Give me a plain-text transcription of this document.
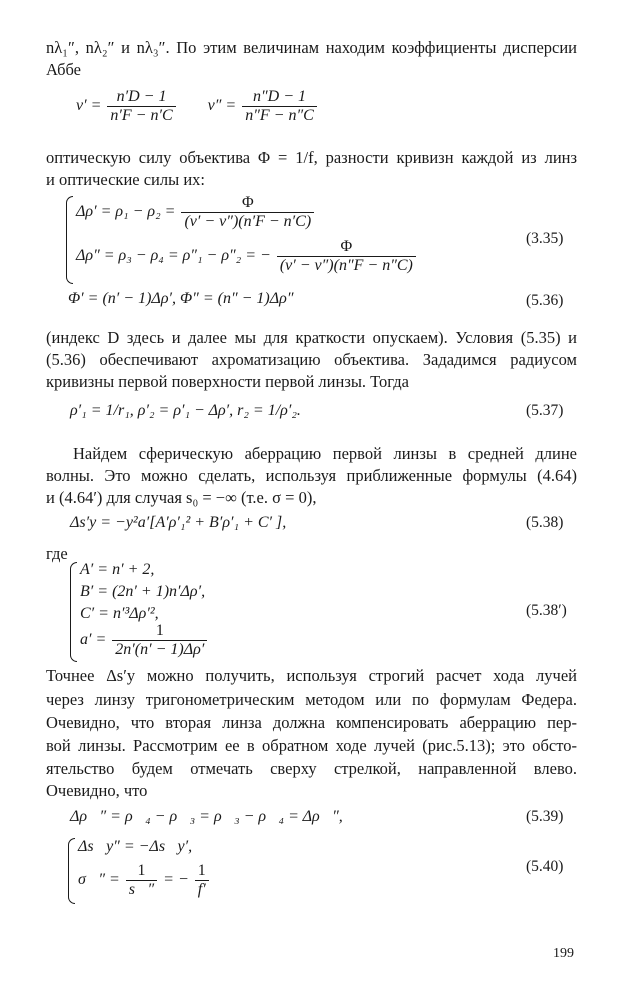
nλ₁″, nλ₂″ и nλ₃″. По этим величинам находим коэффициенты дисперсии
Аббе
$\nu' = \frac{n'D - 1}{n'F - n'C} \nu'' = \frac{n''D - 1}{n''F - n''C}$
оптическую силу объектива Φ = 1/f, разности кривизн каждой из линз
и оптические силы их:
$\Delta\rho' = \rho_1 - \rho_2 = \frac{\Phi}{(\nu' - \nu'')(n'F - n'C)}$
Δρ″ = ρ₃ − ρ₄ = ρ″₁ − ρ″₂ = − $\frac{\Phi}{(\nu' - \nu'')(n''F - n''C)}$	(3.35)
Φ′ = (n′ − 1)Δρ′, Φ″ = (n″ − 1)Δρ″	(5.36)
(индекс D здесь и далее мы для краткости опускаем). Условия (5.35) и
(5.36) обеспечивают ахроматизацию объектива. Зададимся радиусом
кривизны первой поверхности первой линзы. Тогда
ρ′₁ = 1/r₁, ρ′₂ = ρ′₁ − Δρ′, r₂ = 1/ρ′₂.	(5.37)
Найдем сферическую аберрацию первой линзы в средней длине
волны. Это можно сделать, используя приближенные формулы (4.64)
и (4.64′) для случая s₀ = −∞ (т.е. σ = 0),
Δs′y = −y²a′[A′ρ′₁² + B′ρ′₁ + C′ ],	(5.38)
где
A′ = n′ + 2,
B′ = (2n′ + 1)n′Δρ′,
C′ = n′³Δρ′²,
$a' = \frac{1}{2n'(n' - 1)\Delta\rho'}$
(5.38′)
Точнее Δs′y можно получить, используя строгий расчет хода лучей
через линзу тригонометрическим методом или по формулам Федера.
Очевидно, что вторая линза должна компенсировать аберрацию пер-
вой линзы. Рассмотрим ее в обратном ходе лучей (рис.5.13); это обсто-
ятельство будем отмечать сверху стрелкой, направленной влево.
Очевидно, что
Δρ⃖″ = ρ⃖₄ − ρ⃖₃ = ρ⃗₃ − ρ⃗₄ = Δρ⃗″,	(5.39)
Δs⃖y″ = −Δs⃗y′,
σ⃖″ = $\frac{1}{s⃖''}$ = − $\frac{1}{f'}$	(5.40)
199
